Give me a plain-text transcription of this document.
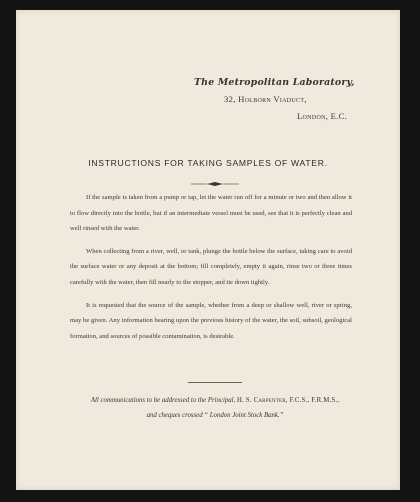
The Metropolitan Laboratory,
32, Holborn Viaduct,
London, E.C.
INSTRUCTIONS FOR TAKING SAMPLES OF WATER.

If the sample is taken from a pump or tap, let the water run off for a minute or two and then allow it to flow directly into the bottle, but if an intermediate vessel must be used, see that it is perfectly clean and well rinsed with the water.

When collecting from a river, well, or tank, plunge the bottle below the surface, taking care to avoid the surface water or any deposit at the bottom; fill completely, empty it again, rinse two or three times carefully with the water, then fill nearly to the stopper, and tie down tightly.

It is requested that the source of the sample, whether from a deep or shallow well, river or spring, may be given. Any information bearing upon the previous history of the water, the soil, subsoil, geological formation, and sources of possible contamination, is desirable.

All communications to be addressed to the Principal, H. S. Carpenter, F.C.S., F.R.M.S.,
and cheques crossed “ London Joint Stock Bank.”
